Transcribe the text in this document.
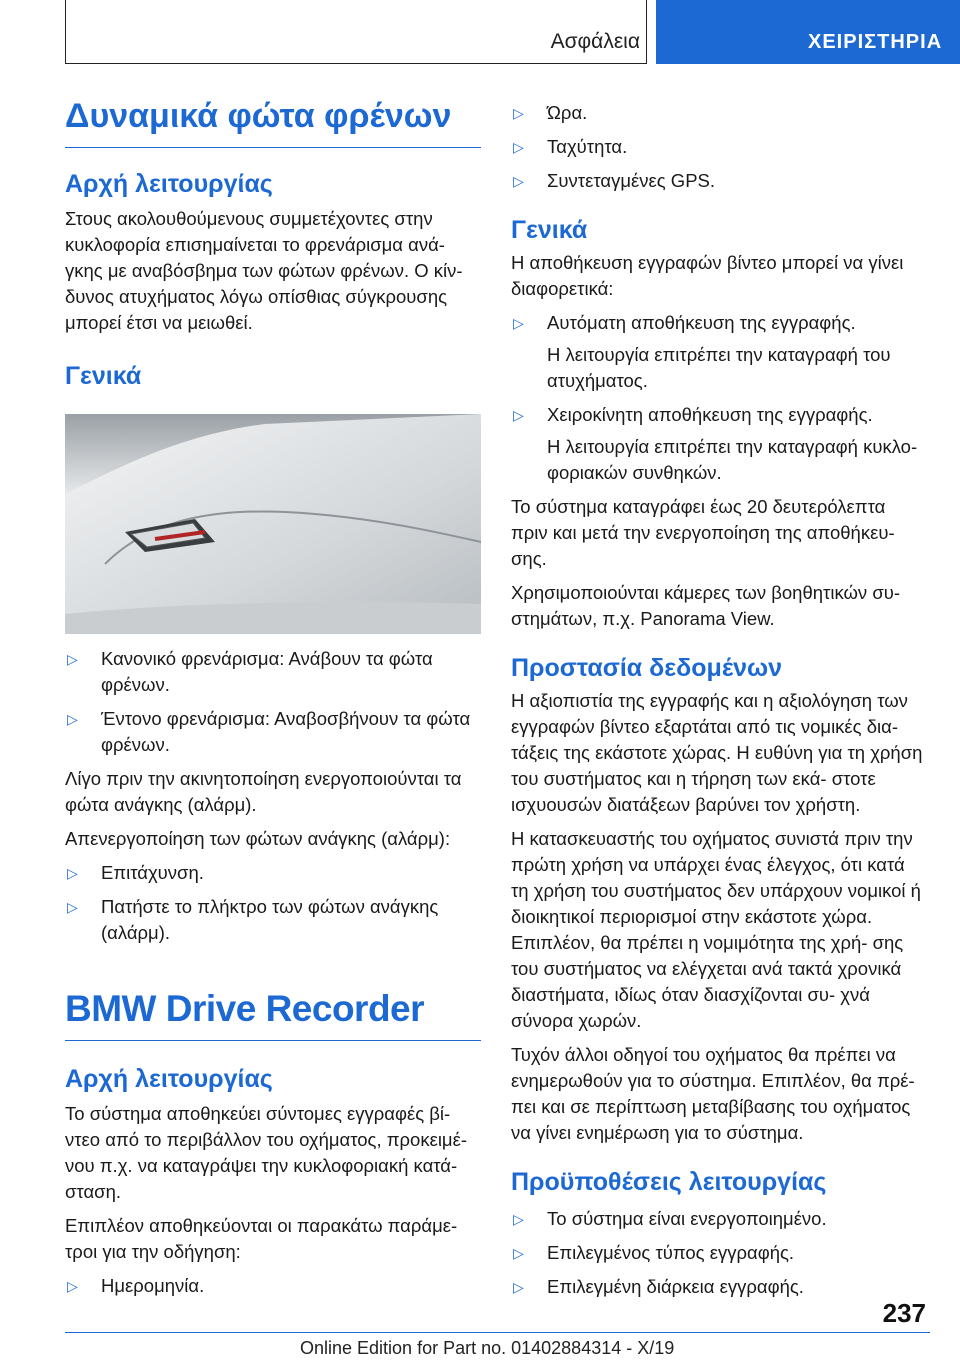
Ασφάλεια	ΧΕΙΡΙΣΤΗΡΙΑ
Δυναμικά φώτα φρένων
Αρχή λειτουργίας

Στους ακολουθούμενους συμμετέχοντες στην κυκλοφορία επισημαίνεται το φρενάρισμα ανά- γκης με αναβόσβημα των φώτων φρένων. Ο κίν- δυνος ατυχήματος λόγω οπίσθιας σύγκρουσης μπορεί έτσι να μειωθεί.

Γενικά

▷ Κανονικό φρενάρισμα: Ανάβουν τα φώτα φρένων.

▷ Έντονο φρενάρισμα: Αναβοσβήνουν τα φώτα φρένων.

Λίγο πριν την ακινητοποίηση ενεργοποιούνται τα φώτα ανάγκης (αλάρμ).

Απενεργοποίηση των φώτων ανάγκης (αλάρμ):

▷ Επιτάχυνση.

▷ Πατήστε το πλήκτρο των φώτων ανάγκης (αλάρμ).

BMW Drive Recorder
Αρχή λειτουργίας

Το σύστημα αποθηκεύει σύντομες εγγραφές βί- ντεο από το περιβάλλον του οχήματος, προκειμέ- νου π.χ. να καταγράψει την κυκλοφοριακή κατά- σταση.

Επιπλέον αποθηκεύονται οι παρακάτω παράμε- τροι για την οδήγηση:

▷ Ημερομηνία.

▷ Ώρα.

▷ Ταχύτητα.

▷ Συντεταγμένες GPS.

Γενικά

Η αποθήκευση εγγραφών βίντεο μπορεί να γίνει διαφορετικά:

▷ Αυτόματη αποθήκευση της εγγραφής.

Η λειτουργία επιτρέπει την καταγραφή του ατυχήματος.

▷ Χειροκίνητη αποθήκευση της εγγραφής.

Η λειτουργία επιτρέπει την καταγραφή κυκλο- φοριακών συνθηκών.

Το σύστημα καταγράφει έως 20 δευτερόλεπτα πριν και μετά την ενεργοποίηση της αποθήκευ- σης.

Χρησιμοποιούνται κάμερες των βοηθητικών συ- στημάτων, π.χ. Panorama View.

Προστασία δεδομένων

Η αξιοπιστία της εγγραφής και η αξιολόγηση των εγγραφών βίντεο εξαρτάται από τις νομικές δια- τάξεις της εκάστοτε χώρας. Η ευθύνη για τη χρήση του συστήματος και η τήρηση των εκά- στοτε ισχυουσών διατάξεων βαρύνει τον χρήστη.

Η κατασκευαστής του οχήματος συνιστά πριν την πρώτη χρήση να υπάρχει ένας έλεγχος, ότι κατά τη χρήση του συστήματος δεν υπάρχουν νομικοί ή διοικητικοί περιορισμοί στην εκάστοτε χώρα. Επιπλέον, θα πρέπει η νομιμότητα της χρή- σης του συστήματος να ελέγχεται ανά τακτά χρονικά διαστήματα, ιδίως όταν διασχίζονται συ- χνά σύνορα χωρών.

Τυχόν άλλοι οδηγοί του οχήματος θα πρέπει να ενημερωθούν για το σύστημα. Επιπλέον, θα πρέ- πει και σε περίπτωση μεταβίβασης του οχήματος να γίνει ενημέρωση για το σύστημα.

Προϋποθέσεις λειτουργίας

▷ Το σύστημα είναι ενεργοποιημένο.

▷ Επιλεγμένος τύπος εγγραφής.

▷ Επιλεγμένη διάρκεια εγγραφής.

237
Online Edition for Part no. 01402884314 - X/19
